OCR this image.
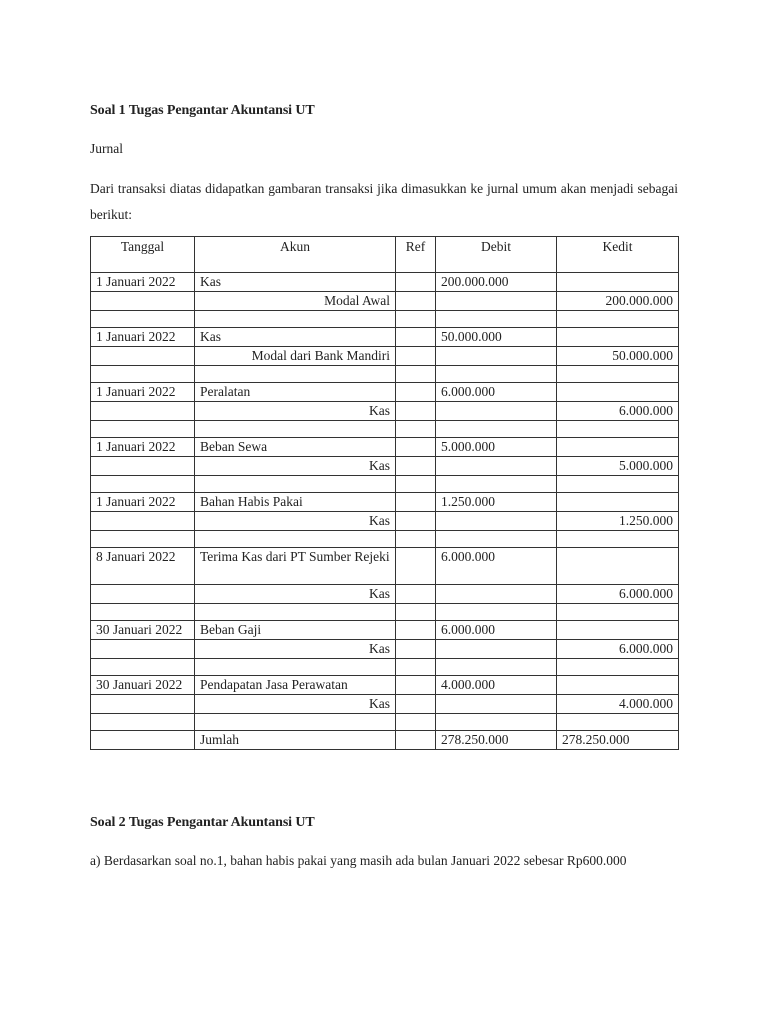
Soal 1 Tugas Pengantar Akuntansi UT
Jurnal
Dari transaksi diatas didapatkan gambaran transaksi jika dimasukkan ke jurnal umum akan menjadi sebagai berikut:
Tanggal	Akun	Ref	Debit	Kedit
1 Januari 2022	Kas		200.000.000	
	Modal Awal			200.000.000

1 Januari 2022	Kas		50.000.000	
	Modal dari Bank Mandiri			50.000.000

1 Januari 2022	Peralatan		6.000.000	
	Kas			6.000.000

1 Januari 2022	Beban Sewa		5.000.000	
	Kas			5.000.000

1 Januari 2022	Bahan Habis Pakai		1.250.000	
	Kas			1.250.000

8 Januari 2022	Terima Kas dari PT Sumber Rejeki		6.000.000	
	Kas			6.000.000

30 Januari 2022	Beban Gaji		6.000.000	
	Kas			6.000.000

30 Januari 2022	Pendapatan Jasa Perawatan		4.000.000	
	Kas			4.000.000

	Jumlah		278.250.000	278.250.000
Soal 2 Tugas Pengantar Akuntansi UT
a) Berdasarkan soal no.1, bahan habis pakai yang masih ada bulan Januari 2022 sebesar Rp600.000
